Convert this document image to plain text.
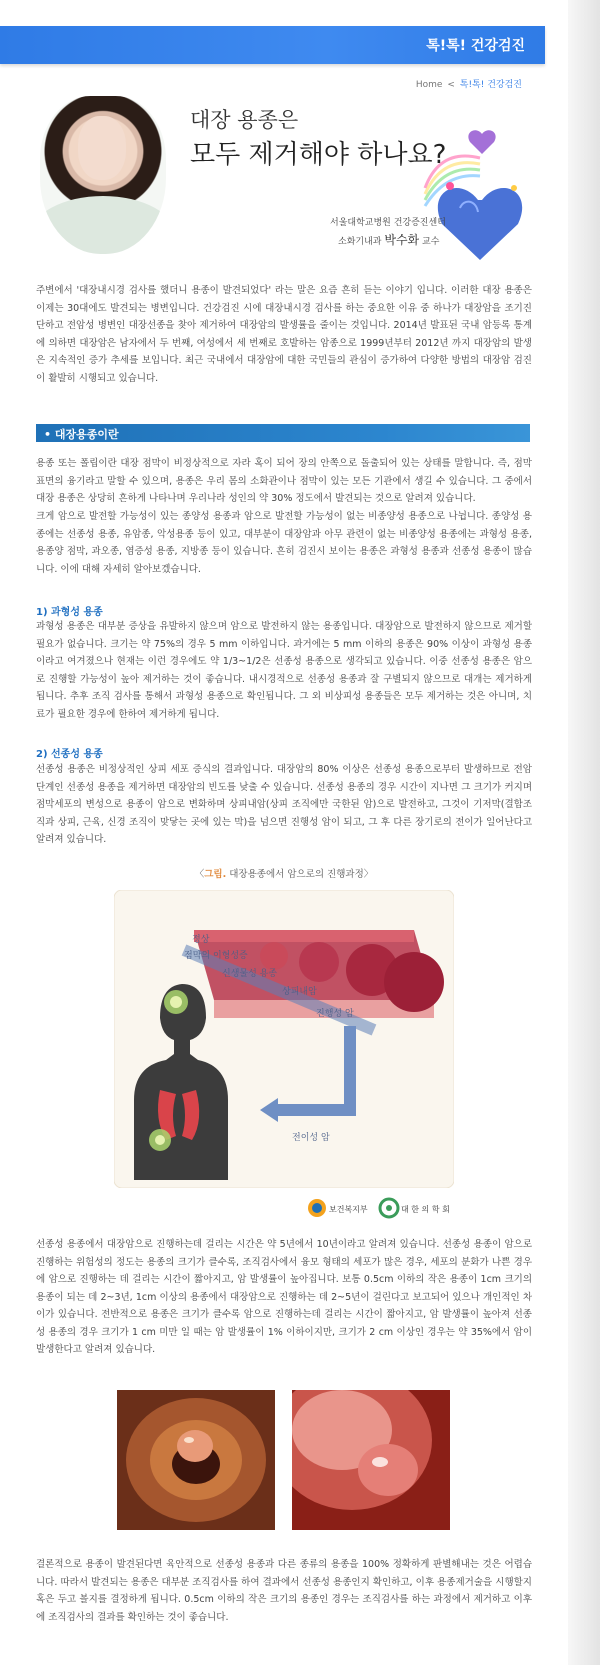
톡!톡! 건강검진
Home < 톡!톡! 건강검진
대장 용종은
모두 제거해야 하나요?
서울대학교병원 건강증진센터
소화기내과 박수화 교수

주변에서 '대장내시경 검사를 했더니 용종이 발견되었다' 라는 말은 요즘 흔히 듣는 이야기 입니다. 이러한 대장 용종은 이제는 30대에도 발견되는 병변입니다. 건강검진 시에 대장내시경 검사를 하는 중요한 이유 중 하나가 대장암을 조기진단하고 전암성 병변인 대장선종을 찾아 제거하여 대장암의 발생률을 줄이는 것입니다. 2014년 발표된 국내 암등록 통계에 의하면 대장암은 남자에서 두 번째, 여성에서 세 번째로 호발하는 암종으로 1999년부터 2012년 까지 대장암의 발생은 지속적인 증가 추세를 보입니다. 최근 국내에서 대장암에 대한 국민들의 관심이 증가하여 다양한 방법의 대장암 검진이 활발히 시행되고 있습니다.

• 대장용종이란

용종 또는 폴립이란 대장 점막이 비정상적으로 자라 혹이 되어 장의 안쪽으로 돌출되어 있는 상태를 말합니다. 즉, 점막 표면의 융기라고 말할 수 있으며, 용종은 우리 몸의 소화관이나 점막이 있는 모든 기관에서 생길 수 있습니다. 그 중에서 대장 용종은 상당히 흔하게 나타나며 우리나라 성인의 약 30% 정도에서 발견되는 것으로 알려져 있습니다.

크게 암으로 발전할 가능성이 있는 종양성 용종과 암으로 발전할 가능성이 없는 비종양성 용종으로 나뉩니다. 종양성 용종에는 선종성 용종, 유암종, 악성용종 등이 있고, 대부분이 대장암과 아무 관련이 없는 비종양성 용종에는 과형성 용종, 용종양 점막, 과오종, 염증성 용종, 지방종 등이 있습니다. 흔히 검진시 보이는 용종은 과형성 용종과 선종성 용종이 많습니다. 이에 대해 자세히 알아보겠습니다.

1) 과형성 용종

과형성 용종은 대부분 증상을 유발하지 않으며 암으로 발전하지 않는 용종입니다. 대장암으로 발전하지 않으므로 제거할 필요가 없습니다. 크기는 약 75%의 경우 5 mm 이하입니다. 과거에는 5 mm 이하의 용종은 90% 이상이 과형성 용종이라고 여겨졌으나 현재는 이런 경우에도 약 1/3~1/2은 선종성 용종으로 생각되고 있습니다. 이중 선종성 용종은 암으로 진행할 가능성이 높아 제거하는 것이 좋습니다. 내시경적으로 선종성 용종과 잘 구별되지 않으므로 대개는 제거하게 됩니다. 추후 조직 검사를 통해서 과형성 용종으로 확인됩니다. 그 외 비상피성 용종들은 모두 제거하는 것은 아니며, 치료가 필요한 경우에 한하여 제거하게 됩니다.

2) 선종성 용종

선종성 용종은 비정상적인 상피 세포 증식의 결과입니다. 대장암의 80% 이상은 선종성 용종으로부터 발생하므로 전암 단계인 선종성 용종을 제거하면 대장암의 빈도를 낮출 수 있습니다. 선종성 용종의 경우 시간이 지나면 그 크기가 커지며 점막세포의 변성으로 용종이 암으로 변화하며 상피내암(상피 조직에만 국한된 암)으로 발전하고, 그것이 기저막(결합조직과 상피, 근육, 신경 조직이 맞닿는 곳에 있는 막)을 넘으면 진행성 암이 되고, 그 후 다른 장기로의 전이가 일어난다고 알려져 있습니다.

〈그림. 대장용종에서 암으로의 진행과정〉
정상
점막의 이형성증
신생물성 용종
상피내암
진행성 암
전이성 암
보건복지부	대 한 의 학 회

선종성 용종에서 대장암으로 진행하는데 걸리는 시간은 약 5년에서 10년이라고 알려져 있습니다. 선종성 용종이 암으로 진행하는 위험성의 정도는 용종의 크기가 클수록, 조직검사에서 융모 형태의 세포가 많은 경우, 세포의 분화가 나쁜 경우에 암으로 진행하는 데 걸리는 시간이 짧아지고, 암 발생률이 높아집니다. 보통 0.5cm 이하의 작은 용종이 1cm 크기의 용종이 되는 데 2~3년, 1cm 이상의 용종에서 대장암으로 진행하는 데 2~5년이 걸린다고 보고되어 있으나 개인적인 차이가 있습니다. 전반적으로 용종은 크기가 클수록 암으로 진행하는데 걸리는 시간이 짧아지고, 암 발생률이 높아져 선종성 용종의 경우 크기가 1 cm 미만 일 때는 암 발생률이 1% 이하이지만, 크기가 2 cm 이상인 경우는 약 35%에서 암이 발생한다고 알려져 있습니다.

결론적으로 용종이 발견된다면 육안적으로 선종성 용종과 다른 종류의 용종을 100% 정확하게 판별해내는 것은 어렵습니다. 따라서 발견되는 용종은 대부분 조직검사를 하여 결과에서 선종성 용종인지 확인하고, 이후 용종제거술을 시행할지 혹은 두고 볼지를 결정하게 됩니다. 0.5cm 이하의 작은 크기의 용종인 경우는 조직검사를 하는 과정에서 제거하고 이후에 조직검사의 결과를 확인하는 것이 좋습니다.
